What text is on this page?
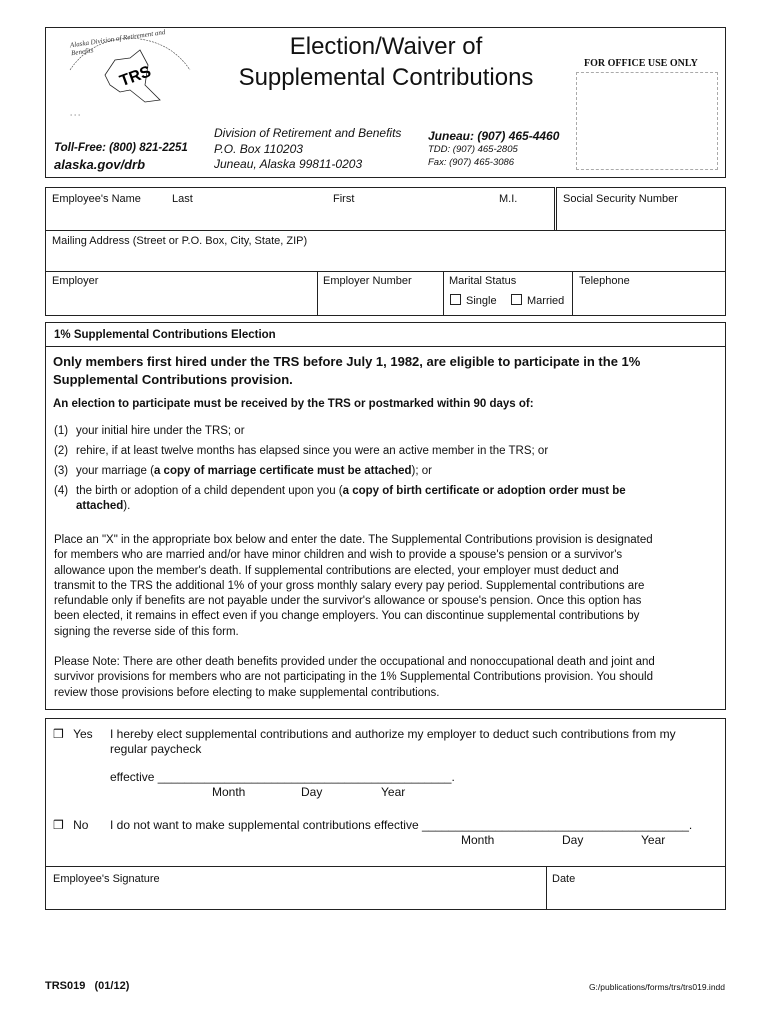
TRS
· · ·
Alaska Division of Retirement and Benefits	Election/Waiver of
Supplemental Contributions
FOR OFFICE USE ONLY
Toll-Free: (800) 821-2251
alaska.gov/drb
Division of Retirement and Benefits
P.O. Box 110203
Juneau, Alaska 99811-0203
Juneau: (907) 465-4460
TDD: (907) 465-2805
Fax: (907) 465-3086
Employee's Name	Last	First	M.I.	Social Security Number
Mailing Address (Street or P.O. Box, City, State, ZIP)
Employer	Employer Number	Marital Status	Telephone
Single	Married
1% Supplemental Contributions Election
Only members first hired under the TRS before July 1, 1982, are eligible to participate in the 1%
Supplemental Contributions provision.
An election to participate must be received by the TRS or postmarked within 90 days of:
(1) your initial hire under the TRS; or
(2) rehire, if at least twelve months has elapsed since you were an active member in the TRS; or
(3) your marriage (a copy of marriage certificate must be attached); or
(4) the birth or adoption of a child dependent upon you (a copy of birth certificate or adoption order must be
attached).
Place an "X" in the appropriate box below and enter the date. The Supplemental Contributions provision is designated
for members who are married and/or have minor children and wish to provide a spouse's pension or a survivor's
allowance upon the member's death. If supplemental contributions are elected, your employer must deduct and
transmit to the TRS the additional 1% of your gross monthly salary every pay period. Supplemental contributions are
refundable only if benefits are not payable under the survivor's allowance or spouse's pension. Once this option has
been elected, it remains in effect even if you change employers. You can discontinue supplemental contributions by
signing the reverse side of this form.
Please Note: There are other death benefits provided under the occupational and nonoccupational death and joint and
survivor provisions for members who are not participating in the 1% Supplemental Contributions provision. You should
review those provisions before electing to make supplemental contributions.
❒ Yes I hereby elect supplemental contributions and authorize my employer to deduct such contributions from my
regular paycheck
effective ____________________________________________.
Month	Day	Year
❒ No I do not want to make supplemental contributions effective ________________________________________.
Month	Day	Year
Employee's Signature	Date
TRS019   (01/12)	G:/publications/forms/trs/trs019.indd
